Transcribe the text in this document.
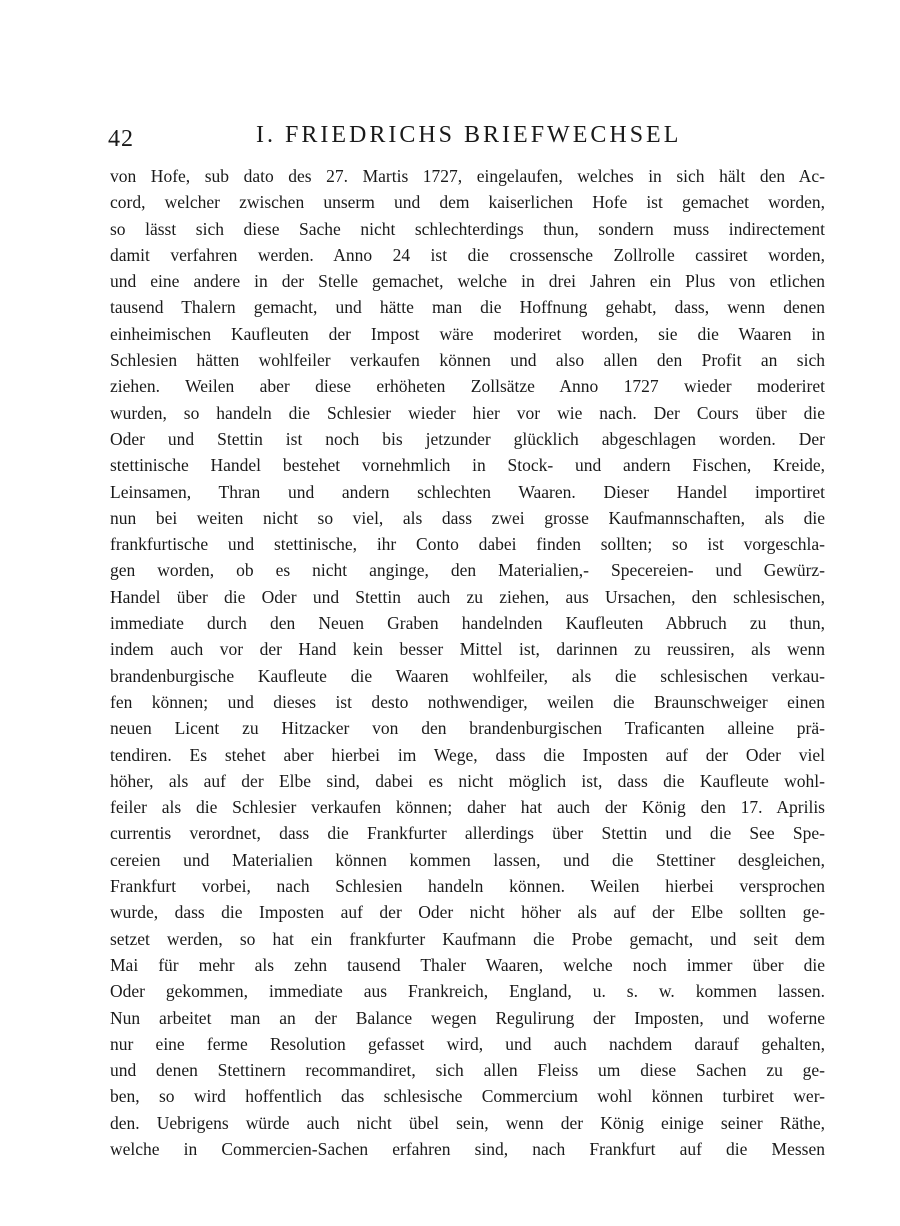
42	I. FRIEDRICHS BRIEFWECHSEL
von Hofe, sub dato des 27. Martis 1727, eingelaufen, welches in sich hält den Ac-
cord, welcher zwischen unserm und dem kaiserlichen Hofe ist gemachet worden,
so lässt sich diese Sache nicht schlechterdings thun, sondern muss indirectement
damit verfahren werden. Anno 24 ist die crossensche Zollrolle cassiret worden,
und eine andere in der Stelle gemachet, welche in drei Jahren ein Plus von etlichen
tausend Thalern gemacht, und hätte man die Hoffnung gehabt, dass, wenn denen
einheimischen Kaufleuten der Impost wäre moderiret worden, sie die Waaren in
Schlesien hätten wohlfeiler verkaufen können und also allen den Profit an sich
ziehen. Weilen aber diese erhöheten Zollsätze Anno 1727 wieder moderiret
wurden, so handeln die Schlesier wieder hier vor wie nach. Der Cours über die
Oder und Stettin ist noch bis jetzunder glücklich abgeschlagen worden. Der
stettinische Handel bestehet vornehmlich in Stock- und andern Fischen, Kreide,
Leinsamen, Thran und andern schlechten Waaren. Dieser Handel importiret
nun bei weiten nicht so viel, als dass zwei grosse Kaufmannschaften, als die
frankfurtische und stettinische, ihr Conto dabei finden sollten; so ist vorgeschla-
gen worden, ob es nicht anginge, den Materialien,- Specereien- und Gewürz-
Handel über die Oder und Stettin auch zu ziehen, aus Ursachen, den schlesischen,
immediate durch den Neuen Graben handelnden Kaufleuten Abbruch zu thun,
indem auch vor der Hand kein besser Mittel ist, darinnen zu reussiren, als wenn
brandenburgische Kaufleute die Waaren wohlfeiler, als die schlesischen verkau-
fen können; und dieses ist desto nothwendiger, weilen die Braunschweiger einen
neuen Licent zu Hitzacker von den brandenburgischen Traficanten alleine prä-
tendiren. Es stehet aber hierbei im Wege, dass die Imposten auf der Oder viel
höher, als auf der Elbe sind, dabei es nicht möglich ist, dass die Kaufleute wohl-
feiler als die Schlesier verkaufen können; daher hat auch der König den 17. Aprilis
currentis verordnet, dass die Frankfurter allerdings über Stettin und die See Spe-
cereien und Materialien können kommen lassen, und die Stettiner desgleichen,
Frankfurt vorbei, nach Schlesien handeln können. Weilen hierbei versprochen
wurde, dass die Imposten auf der Oder nicht höher als auf der Elbe sollten ge-
setzet werden, so hat ein frankfurter Kaufmann die Probe gemacht, und seit dem
Mai für mehr als zehn tausend Thaler Waaren, welche noch immer über die
Oder gekommen, immediate aus Frankreich, England, u. s. w. kommen lassen.
Nun arbeitet man an der Balance wegen Regulirung der Imposten, und woferne
nur eine ferme Resolution gefasset wird, und auch nachdem darauf gehalten,
und denen Stettinern recommandiret, sich allen Fleiss um diese Sachen zu ge-
ben, so wird hoffentlich das schlesische Commercium wohl können turbiret wer-
den. Uebrigens würde auch nicht übel sein, wenn der König einige seiner Räthe,
welche in Commercien-Sachen erfahren sind, nach Frankfurt auf die Messen
